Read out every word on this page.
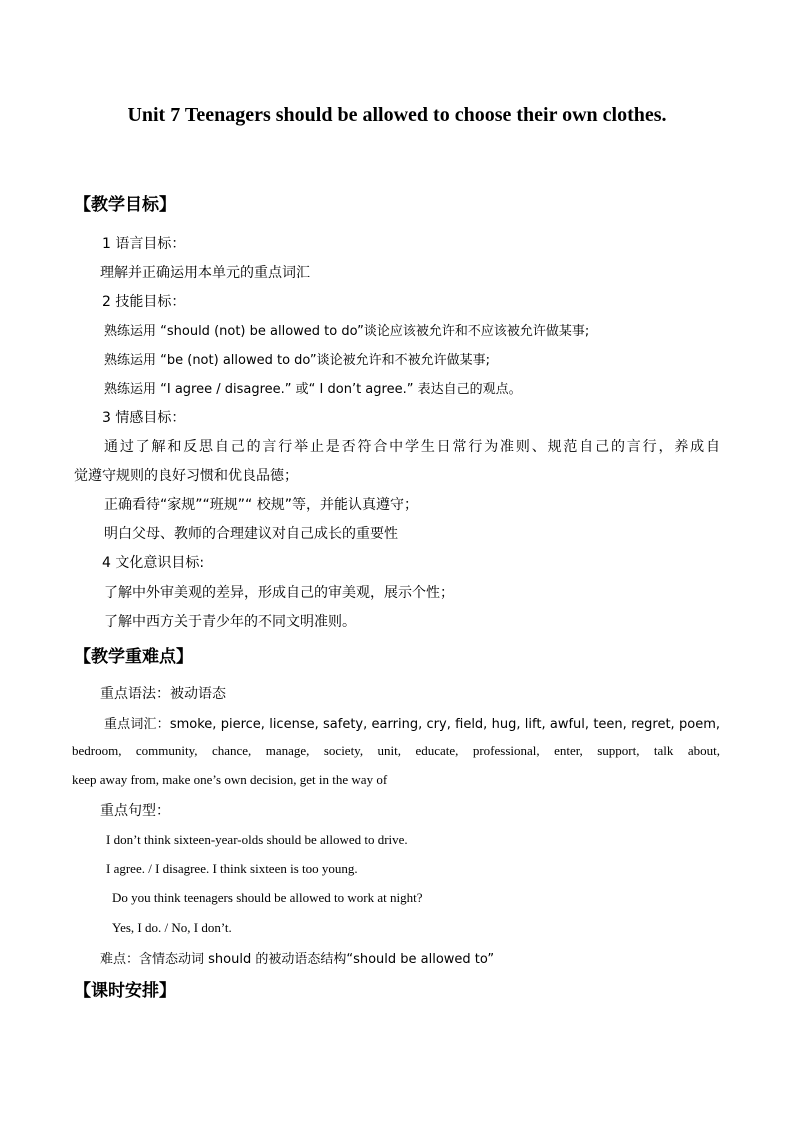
Unit 7 Teenagers should be allowed to choose their own clothes.
【教学目标】
1 语言目标：
理解并正确运用本单元的重点词汇
2 技能目标：
熟练运用 “should (not) be allowed to do”谈论应该被允许和不应该被允许做某事;
熟练运用 “be (not) allowed to do”谈论被允许和不被允许做某事;
熟练运用 “I agree / disagree.” 或“ I don’t agree.” 表达自己的观点。
3 情感目标：
通过了解和反思自己的言行举止是否符合中学生日常行为准则、规范自己的言行，养成自
觉遵守规则的良好习惯和优良品德；
正确看待“家规”“班规”“ 校规”等，并能认真遵守；
明白父母、教师的合理建议对自己成长的重要性
4 文化意识目标:
了解中外审美观的差异，形成自己的审美观，展示个性；
了解中西方关于青少年的不同文明准则。
【教学重难点】
重点语法：被动语态
重点词汇：smoke, pierce, license, safety, earring, cry, field, hug, lift, awful, teen, regret, poem,
bedroom, community, chance, manage, society, unit, educate, professional, enter, support, talk about,
keep away from, make one’s own decision, get in the way of
重点句型：
I don’t think sixteen-year-olds should be allowed to drive.
I agree. / I disagree. I think sixteen is too young.
Do you think teenagers should be allowed to work at night?
Yes, I do. / No, I don’t.
难点：含情态动词 should 的被动语态结构“should be allowed to”
【课时安排】
